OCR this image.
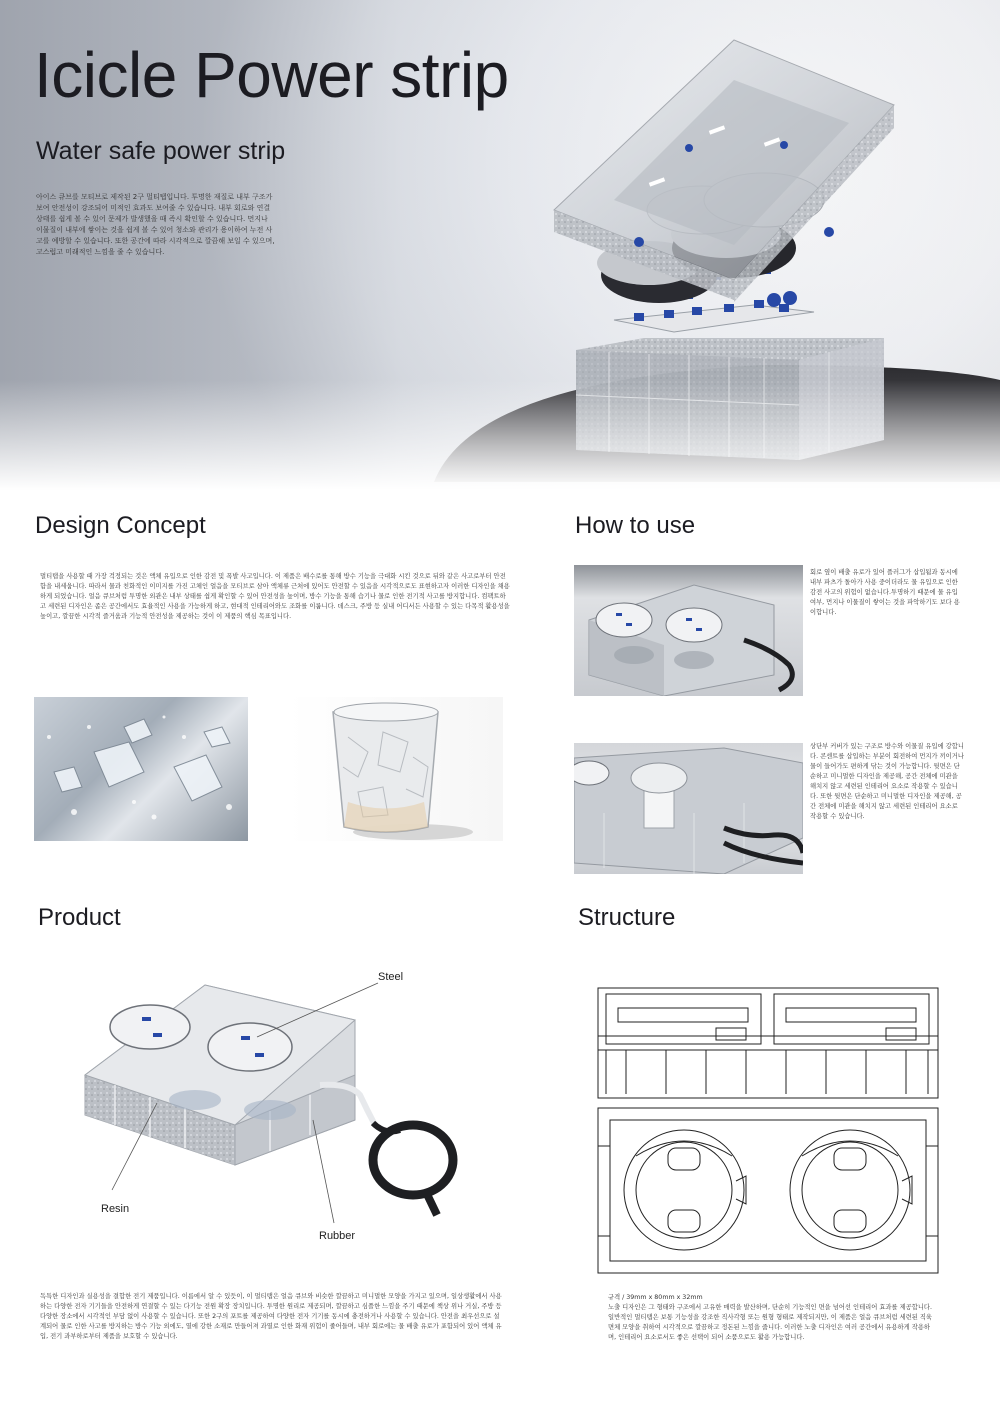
Icicle Power strip
Water safe power strip

아이스 큐브를 모티브로 제작된 2구 멀티탭입니다. 투명한 재질로 내부 구조가 보여 안전성이 강조되어 미적인 효과도 보여줄 수 있습니다. 내부 회로와 연결 상태를 쉽게 볼 수 있어 문제가 발생했을 때 즉시 확인할 수 있습니다. 먼지나 이물질이 내부에 쌓이는 것을 쉽게 볼 수 있어 청소와 관리가 용이하여 누전 사고를 예방할 수 있습니다. 또한 공간에 따라 시각적으로 깔끔해 보일 수 있으며, 고스럽고 미래적인 느낌을 줄 수 있습니다.

Design Concept

멀티탭을 사용할 때 가장 걱정되는 것은 액체 유입으로 인한 감전 및 폭발 사고입니다. 이 제품은 배수로를 통해 방수 기능을 극대화 시킨 것으로 뒤와 같은 사고로부터 안전함을 내세웁니다. 따라서 물과 친화적인 이미지를 가진 고체인 얼음을 모티브로 삼아 액체류 근처에 있어도 안전할 수 있음을 시각적으로도 표현하고자 이러한 디자인을 채용하게 되었습니다. 얼음 큐브처럼 투명한 외관은 내부 상태를 쉽게 확인할 수 있어 안전성을 높이며, 방수 기능을 통해 습기나 물로 인한 전기적 사고를 방지합니다. 컴팩트하고 세련된 디자인은 좁은 공간에서도 효율적인 사용을 가능하게 하고, 현대적 인테리어와도 조화를 이룹니다. 데스크, 주방 등 실내 어디서든 사용할 수 있는 다목적 활용성을 높이고, 깔끔한 시각적 즐거움과 기능적 안전성을 제공하는 것이 이 제품의 핵심 목표입니다.

How to use

회로 옆이 배출 유로가 있어 플러그가 삽입됨과 동시에 내부 파츠가 돌아가 사용 중이더라도 물 유입으로 인한 감전 사고의 위험이 없습니다.투명하기 때문에 물 유입 여부, 먼지나 이물질이 쌓이는 것을 파악하기도 보다 용이합니다.

상단부 커버가 있는 구조로 방수와 이물질 유입에 강합니다. 콘센트를 삽입하는 부분이 회전하여 먼지가 끼이거나 물이 들어가도 편하게 닦는 것이 가능합니다. 뒷면은 단순하고 미니멀한 디자인을 제공해, 공간 전체에 미관을 해치지 않고 세련된 인테리어 요소로 작용할 수 있습니다. 또한 뒷면은 단순하고 미니멀한 디자인을 제공해, 공간 전체에 미관을 해치지 않고 세련된 인테리어 요소로 작용할 수 있습니다.

Product
Steel
Resin
Rubber

독특한 디자인과 실용성을 결합한 전기 제품입니다. 이름에서 알 수 있듯이, 이 멀티탭은 얼음 큐브와 비슷한 깔끔하고 미니멀한 모양을 가지고 있으며, 일상생활에서 사용하는 다양한 전자 기기들을 안전하게 연결할 수 있는 다기능 전원 확장 장치입니다. 투명한 원리로 제공되며, 깔끔하고 심플한 느낌을 주기 때문에 책상 위나 거실, 주방 등 다양한 장소에서 시각적인 부담 없이 사용할 수 있습니다. 또한 2구의 포트를 제공하여 다양한 전자 기기를 동시에 충전하거나 사용할 수 있습니다. 안전을 최우선으로 설계되어 물로 인한 사고를 방지하는 방수 기능 외에도, 열에 강한 소재로 만들어져 과열로 인한 화재 위험이 줄어들며, 내부 회로에는 물 배출 유로가 포함되어 있어 액체 유입, 전기 과부하로부터 제품을 보호할 수 있습니다.

Structure

규격 / 39mm x 80mm x 32mm

노출 디자인은 그 형태와 구조에서 고유한 매력을 발산하며, 단순히 기능적인 면을 넘어선 인테리어 효과를 제공합니다. 일반적인 멀티탭은 보통 기능성을 강조한 직사각형 또는 원형 형태로 제작되지만, 이 제품은 얼음 큐브처럼 세련된 직육면체 모양을 취하여 시각적으로 깔끔하고 정돈된 느낌을 줍니다. 이러한 노출 디자인은 여러 공간에서 유용하게 작용하며, 인테리어 요소로서도 좋은 선택이 되어 소품으로도 활용 가능합니다.
